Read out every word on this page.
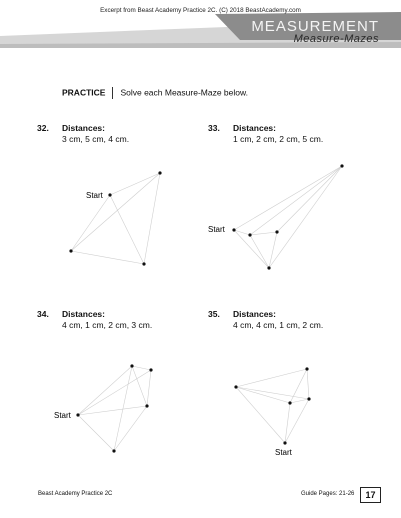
Excerpt from Beast Academy Practice 2C. (C) 2018 BeastAcademy.com
MEASUREMENT
Measure-Mazes
PRACTICE Solve each Measure-Maze below.
32. Distances:
3 cm, 5 cm, 4 cm.
33. Distances:
1 cm, 2 cm, 2 cm, 5 cm.
34. Distances:
4 cm, 1 cm, 2 cm, 3 cm.
35. Distances:
4 cm, 4 cm, 1 cm, 2 cm.
Start
Start
Start
Start
Beast Academy Practice 2C	Guide Pages: 21-26	17
